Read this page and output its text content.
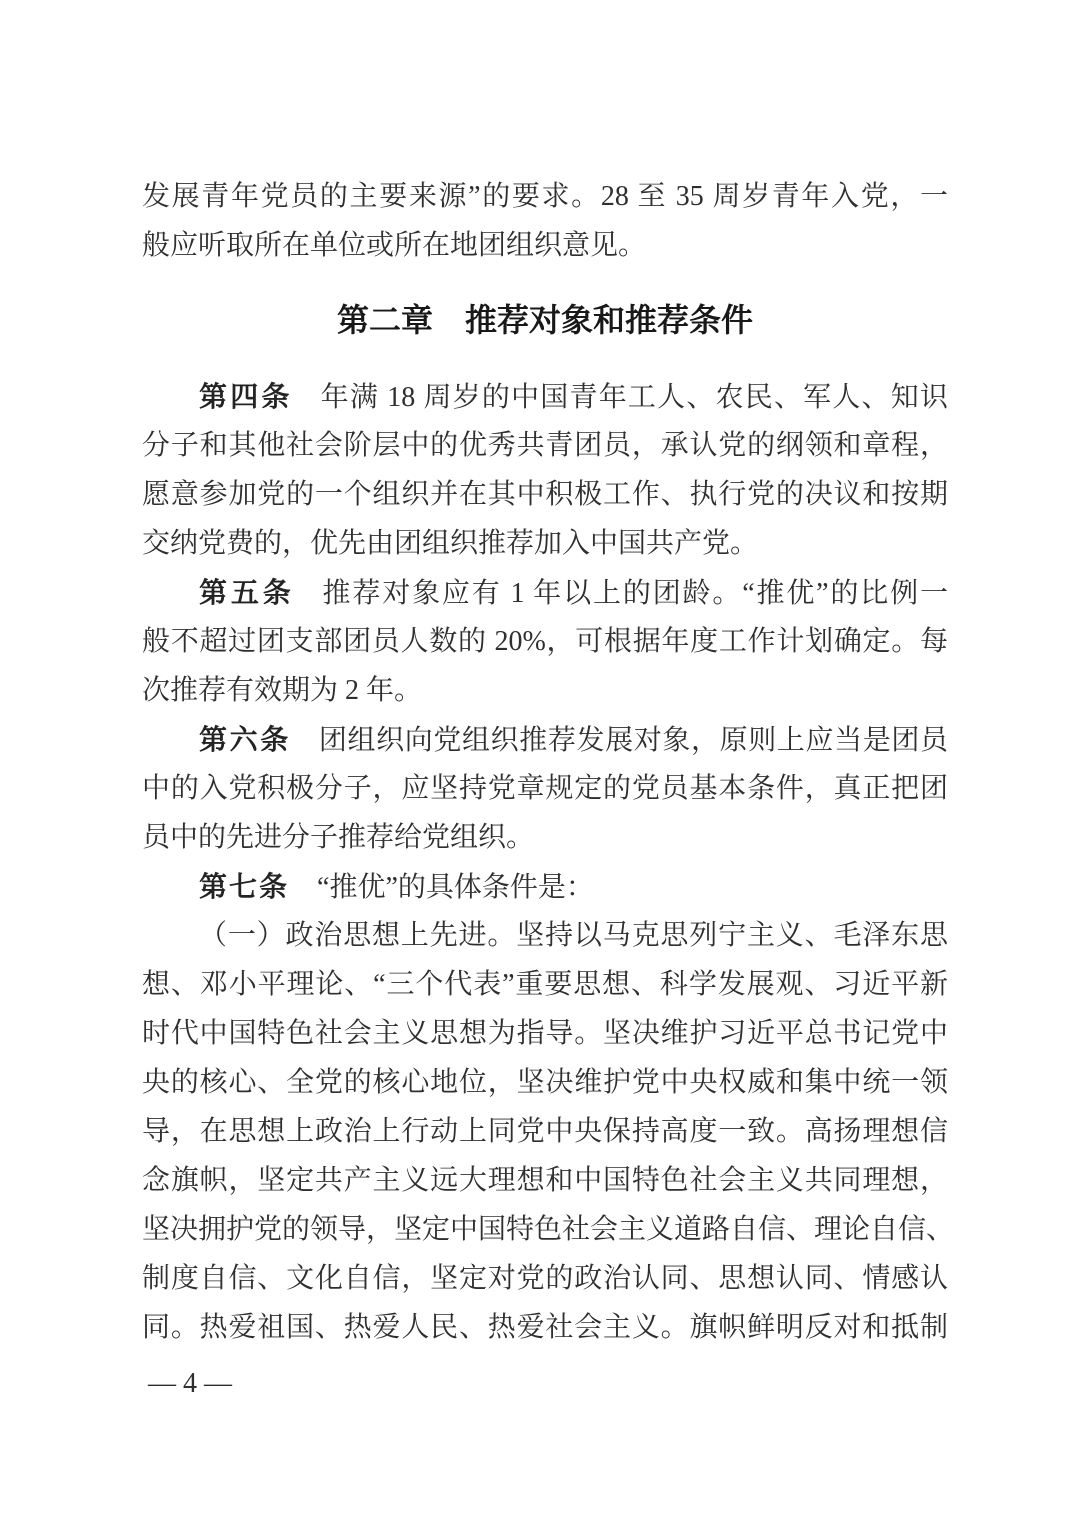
发展青年党员的主要来源”的要求。28 至 35 周岁青年入党，一
般应听取所在单位或所在地团组织意见。
第二章　推荐对象和推荐条件
第四条 年满 18 周岁的中国青年工人、农民、军人、知识
分子和其他社会阶层中的优秀共青团员，承认党的纲领和章程，
愿意参加党的一个组织并在其中积极工作、执行党的决议和按期
交纳党费的，优先由团组织推荐加入中国共产党。
第五条 推荐对象应有 1 年以上的团龄。“推优”的比例一
般不超过团支部团员人数的 20%，可根据年度工作计划确定。每
次推荐有效期为 2 年。
第六条 团组织向党组织推荐发展对象，原则上应当是团员
中的入党积极分子，应坚持党章规定的党员基本条件，真正把团
员中的先进分子推荐给党组织。
第七条 “推优”的具体条件是：
（一）政治思想上先进。坚持以马克思列宁主义、毛泽东思
想、邓小平理论、“三个代表”重要思想、科学发展观、习近平新
时代中国特色社会主义思想为指导。坚决维护习近平总书记党中
央的核心、全党的核心地位，坚决维护党中央权威和集中统一领
导，在思想上政治上行动上同党中央保持高度一致。高扬理想信
念旗帜，坚定共产主义远大理想和中国特色社会主义共同理想，
坚决拥护党的领导，坚定中国特色社会主义道路自信、理论自信、
制度自信、文化自信，坚定对党的政治认同、思想认同、情感认
同。热爱祖国、热爱人民、热爱社会主义。旗帜鲜明反对和抵制
— 4 —
